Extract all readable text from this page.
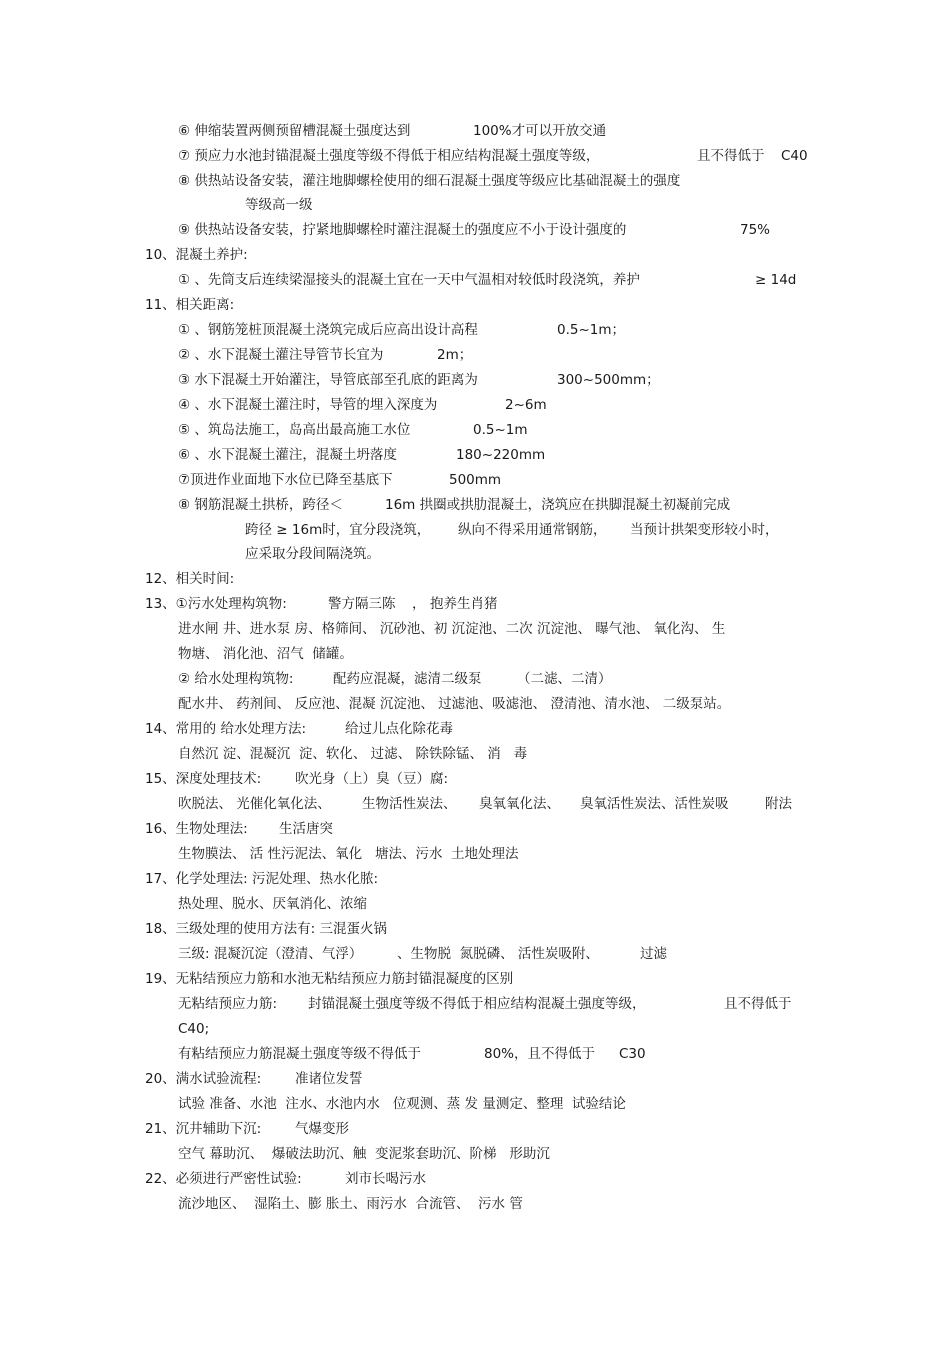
⑥ 伸缩装置两侧预留槽混凝土强度达到	100%才可以开放交通
⑦ 预应力水池封锚混凝土强度等级不得低于相应结构混凝土强度等级，	且不得低于 C40
⑧ 供热站设备安装，灌注地脚螺栓使用的细石混凝土强度等级应比基础混凝土的强度
等级高一级
⑨ 供热站设备安装，拧紧地脚螺栓时灌注混凝土的强度应不小于设计强度的	75%
10、混凝土养护:
① 、先筒支后连续梁湿接头的混凝土宜在一天中气温相对较低时段浇筑，养护	≥ 14d
11、相关距离:
① 、钢筋笼桩顶混凝土浇筑完成后应高出设计高程	0.5~1m；
② 、水下混凝土灌注导管节长宜为	2m；
③ 水下混凝土开始灌注，导管底部至孔底的距离为	300~500mm；
④ 、水下混凝土灌注时，导管的埋入深度为	2~6m
⑤ 、筑岛法施工，岛高出最高施工水位	0.5~1m
⑥ 、水下混凝土灌注，混凝土坍落度	180~220mm
⑦顶进作业面地下水位已降至基底下	500mm
⑧ 钢筋混凝土拱桥，跨径＜	16m 拱圈或拱肋混凝土，浇筑应在拱脚混凝土初凝前完成
跨径 ≥ 16m时，宜分段浇筑， 纵向不得采用通常钢筋， 当预计拱架变形较小时，
应采取分段间隔浇筑。
12、相关时间:
13、①污水处理构筑物:	警方隔三陈 ， 抱养生肖猪
进水闸 井、进水泵 房、格筛间、 沉砂池、初 沉淀池、二次 沉淀池、 曝气池、 氧化沟、 生
物塘、 消化池、沼气  储罐。
② 给水处理构筑物:	配药应混凝，滤清二级泵	（二滤、二清）
配水井、 药剂间、 反应池、混凝 沉淀池、 过滤池、吸滤池、 澄清池、清水池、 二级泵站。
14、常用的 给水处理方法:	给过儿点化除花毒
自然沉 淀、混凝沉  淀、软化、 过滤、 除铁除锰、 消   毒
15、深度处理技术:	吹光身（上）臭（豆）腐:
吹脱法、 光催化氧化法、 生物活性炭法、 臭氧氧化法、 臭氧活性炭法、活性炭吸	附法
16、生物处理法: 生活唐突
生物膜法、 活 性污泥法、氧化   塘法、污水  土地处理法
17、化学处理法: 污泥处理、热水化脓:
热处理、脱水、厌氧消化、浓缩
18、三级处理的使用方法有: 三混蛋火锅
三级: 混凝沉淀（澄清、气浮）	、生物脱  氮脱磷、 活性炭吸附、	过滤
19、无粘结预应力筋和水池无粘结预应力筋封锚混凝度的区别
无粘结预应力筋: 封锚混凝土强度等级不得低于相应结构混凝土强度等级，	且不得低于
C40;
有粘结预应力筋混凝土强度等级不得低于	80%，且不得低于 C30
20、满水试验流程:	准诸位发誓
试验 准备、水池  注水、水池内水   位观测、蒸 发 量测定、整理  试验结论
21、沉井辅助下沉:	气爆变形
空气 幕助沉、  爆破法助沉、触  变泥浆套助沉、阶梯   形助沉
22、必须进行严密性试验:	刘市长喝污水
流沙地区、  湿陷土、膨 胀土、雨污水  合流管、  污水 管
